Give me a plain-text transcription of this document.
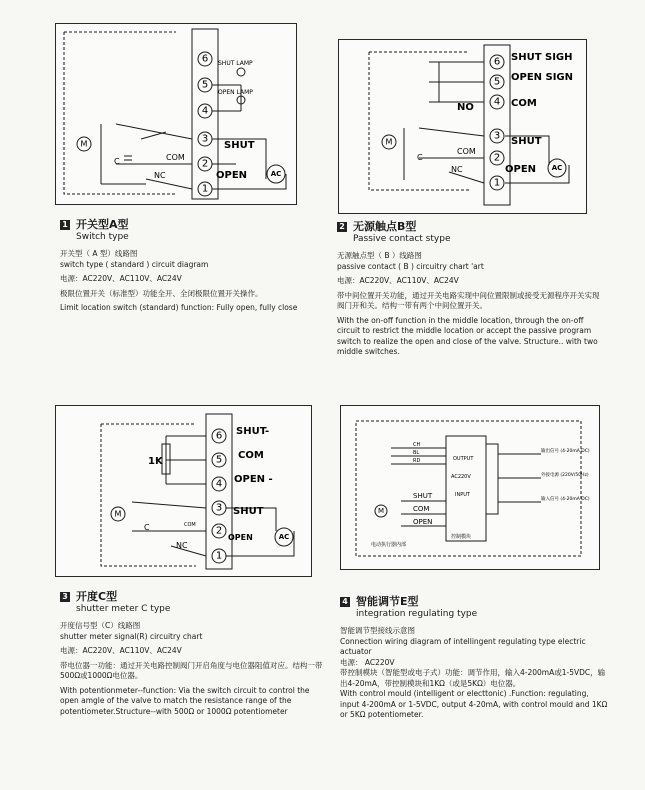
6
5
4
3
2
1
SHUT LAMP
OPEN LAMP
SHUT
OPEN	AC
M
C	COM
NC
1 开关型A型
Switch type

开关型（ A 型）线路图

switch type ( standard ) circuit diagram

电源：AC220V、AC110V、AC24V

极限位置开关（标准型）功能全开、全闭极限位置开关操作。

Limit location switch (standard) function: Fully open, fully close

6
5
4
3
2
1
SHUT SIGH
OPEN SIGN
NO	COM
SHUT
OPEN AC
M
C
COM
NC
2 无源触点B型
Passive contact stype

无源触点型（ B ）线路图

passive contact ( B ) circuitry chart 'art

电源：AC220V、AC110V、AC24V

带中间位置开关功能，通过开关电路实现中间位置限制或接受无源程序开关实现阀门开和关。结构一带有两个中间位置开关。

With the on-off function in the middle location, through the on-off circuit to restrict the middle location or accept the passive program switch to realize the open and close of the valve. Structure.. with two middle switches.

6
5
4
3
2
1
SHUT-
COM
OPEN -
1K
SHUT
OPEN	AC
M
C	COM
NC
3 开度C型
shutter meter C type

开度信号型（C）线路图

shutter meter signal(R) circuitry chart

电源：AC220V、AC110V、AC24V

带电位器一功能：通过开关电路控制阀门开启角度与电位器阻值对应。结构一带500Ω或1000Ω电位器。

With potentionmeter--function: Via the switch circuit to control the open amgle of the valve to match the resistance range of the potentiometer.Structure--with 500Ω or 1000Ω potentiometer

OUTPUT
AC220V
INPUT
CH
BL
RD
SHUT
COM
OPEN
M
输出信号 (4-20mA DC)
外接电源 (220V/50Hz)
输入信号 (4-20mA DC)
电动执行器内部
控制模块
4 智能调节E型
integration regulating type

智能调节型接线示意图

Connection wiring diagram of intellingent regulating type electric actuator

电源： AC220V

带控制模块（智能型或电子式）功能：调节作用，输入4-200mA或1-5VDC，输出4-20mA，带控制模块和1KΩ（或是5KΩ）电位器。

With control mould (intelligent or electtonic) .Function: regulating, input 4-200mA or 1-5VDC, output 4-20mA, with control mould and 1KΩ or 5KΩ potentiometer.
